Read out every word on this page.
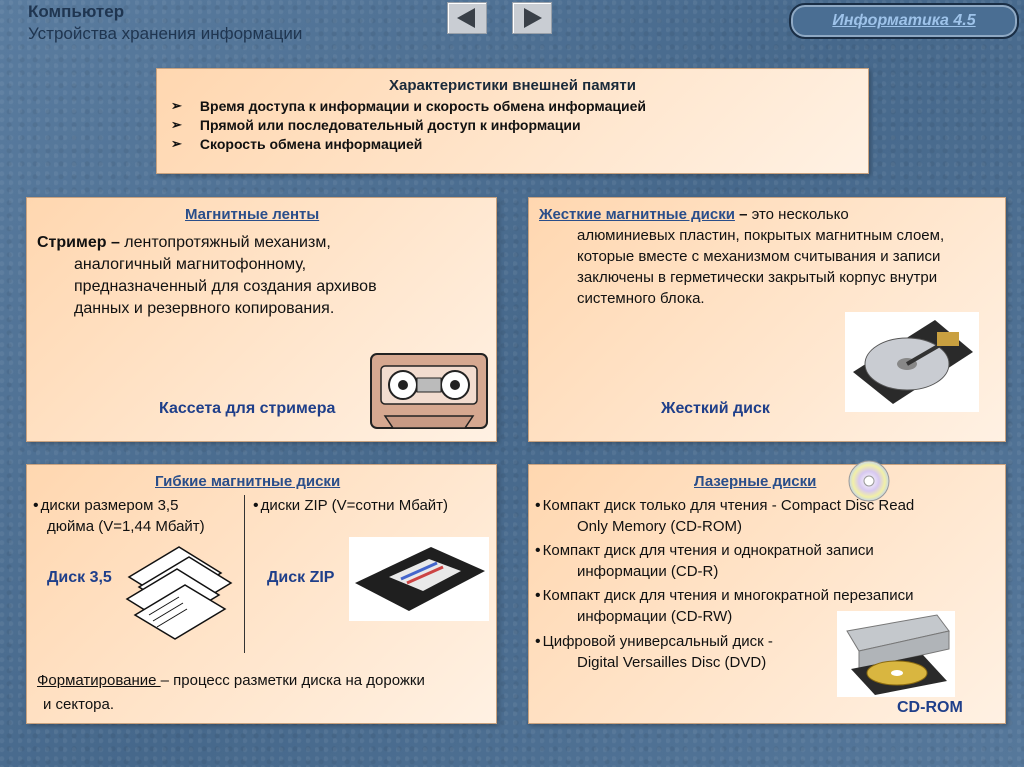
Компьютер
Устройства хранения информации
Информатика 4.5
Характеристики внешней памяти
➢ Время доступа к информации и скорость обмена информацией
➢ Прямой или последовательный доступ к информации
➢ Скорость обмена информацией
Магнитные ленты
Стример – лентопротяжный механизм,
аналогичный магнитофонному,
предназначенный для создания архивов
данных и резервного копирования.
Кассета для стримера
Жесткие магнитные диски – это несколько
алюминиевых пластин, покрытых магнитным слоем,
которые вместе с механизмом считывания и записи
заключены в герметически закрытый корпус внутри
системного блока.
Жесткий диск
Гибкие магнитные диски
• диски размером 3,5
дюйма (V=1,44 Мбайт)
• диски ZIP (V=сотни Мбайт)
Диск 3,5	Диск ZIP
Форматирование – процесс разметки диска на дорожки
и сектора.
Лазерные диски
• Компакт диск только для чтения - Compact Disc Read
Only Memory (CD-ROM)
• Компакт диск для чтения и однократной записи
информации (CD-R)
• Компакт диск для чтения и многократной перезаписи
информации (CD-RW)
• Цифровой универсальный диск -
Digital Versailles Disc (DVD)
CD-ROM
